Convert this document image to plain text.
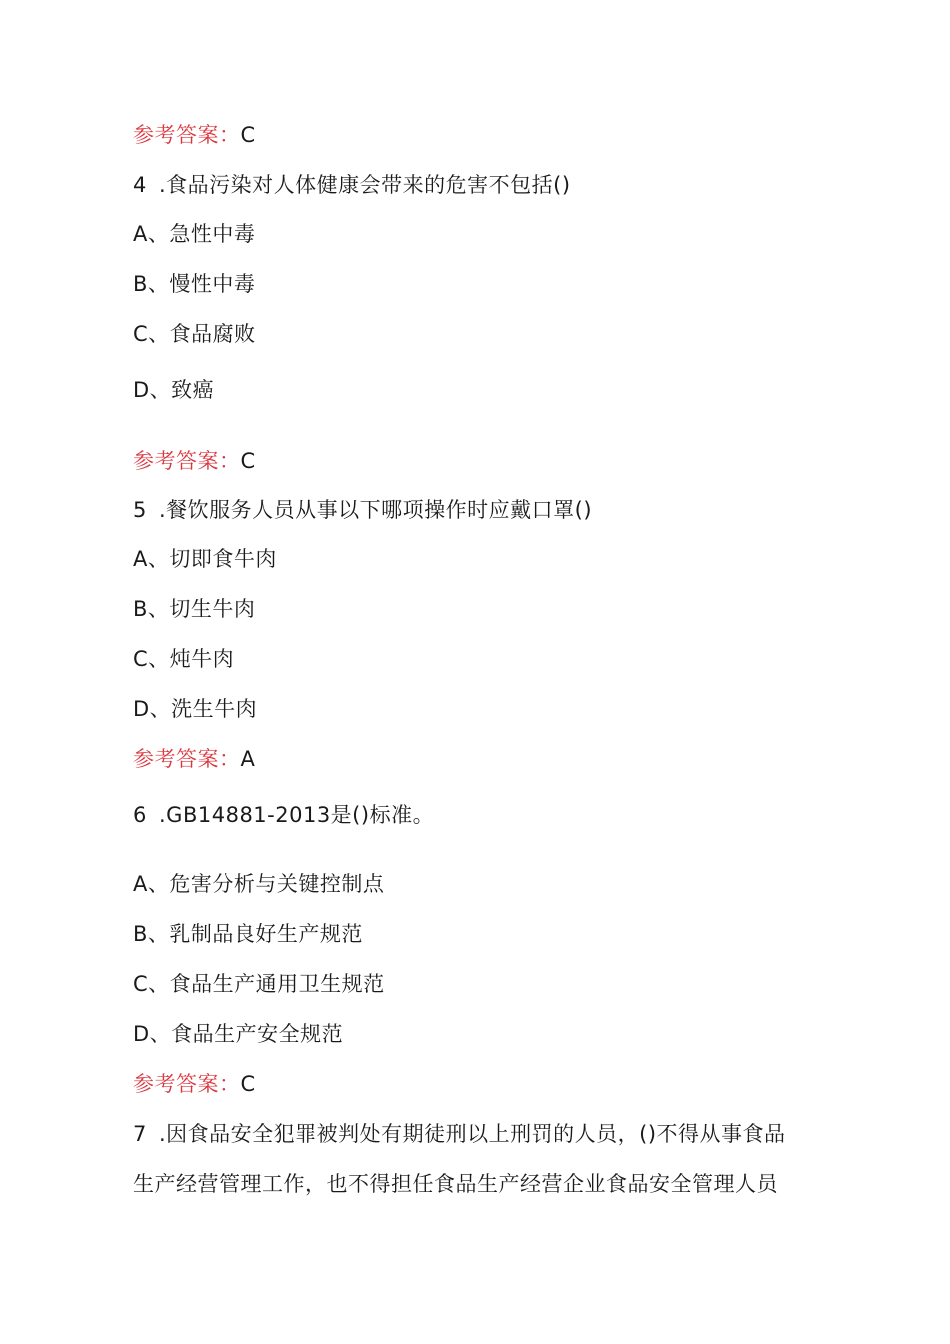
参考答案：C
4 .食品污染对人体健康会带来的危害不包括()
A、急性中毒
B、慢性中毒
C、食品腐败
D、致癌
参考答案：C
5 .餐饮服务人员从事以下哪项操作时应戴口罩()
A、切即食牛肉
B、切生牛肉
C、炖牛肉
D、洗生牛肉
参考答案：A
6 .GB14881-2013是()标准。
A、危害分析与关键控制点
B、乳制品良好生产规范
C、食品生产通用卫生规范
D、食品生产安全规范
参考答案：C
7 .因食品安全犯罪被判处有期徒刑以上刑罚的人员，()不得从事食品
生产经营管理工作，也不得担任食品生产经营企业食品安全管理人员
